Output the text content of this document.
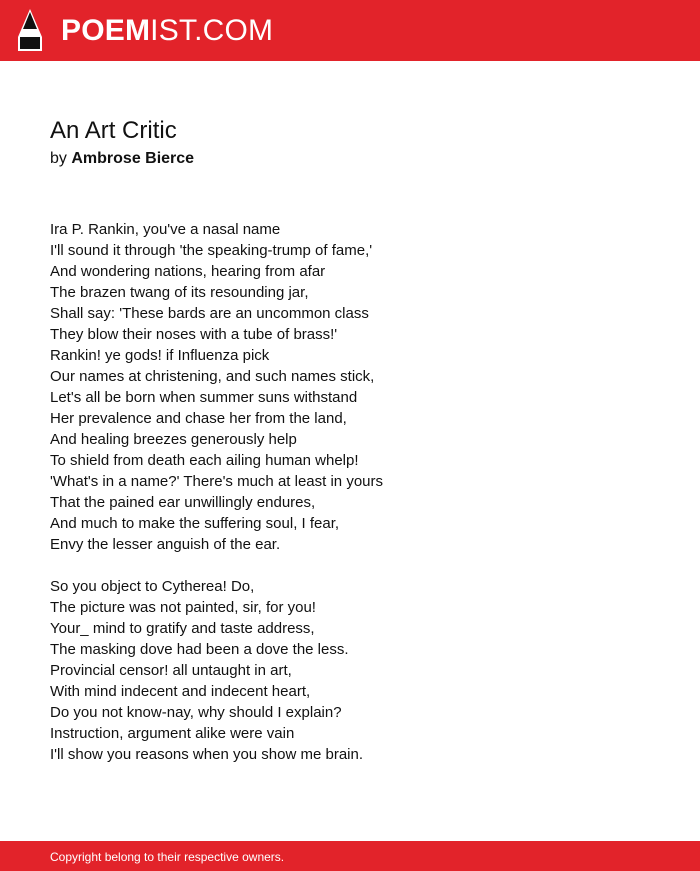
POEMIST.COM
An Art Critic
by Ambrose Bierce
Ira P. Rankin, you've a nasal name
I'll sound it through 'the speaking-trump of fame,'
And wondering nations, hearing from afar
The brazen twang of its resounding jar,
Shall say: 'These bards are an uncommon class
They blow their noses with a tube of brass!'
Rankin! ye gods! if Influenza pick
Our names at christening, and such names stick,
Let's all be born when summer suns withstand
Her prevalence and chase her from the land,
And healing breezes generously help
To shield from death each ailing human whelp!
'What's in a name?' There's much at least in yours
That the pained ear unwillingly endures,
And much to make the suffering soul, I fear,
Envy the lesser anguish of the ear.
So you object to Cytherea! Do,
The picture was not painted, sir, for you!
Your_ mind to gratify and taste address,
The masking dove had been a dove the less.
Provincial censor! all untaught in art,
With mind indecent and indecent heart,
Do you not know-nay, why should I explain?
Instruction, argument alike were vain
I'll show you reasons when you show me brain.
Copyright belong to their respective owners.
